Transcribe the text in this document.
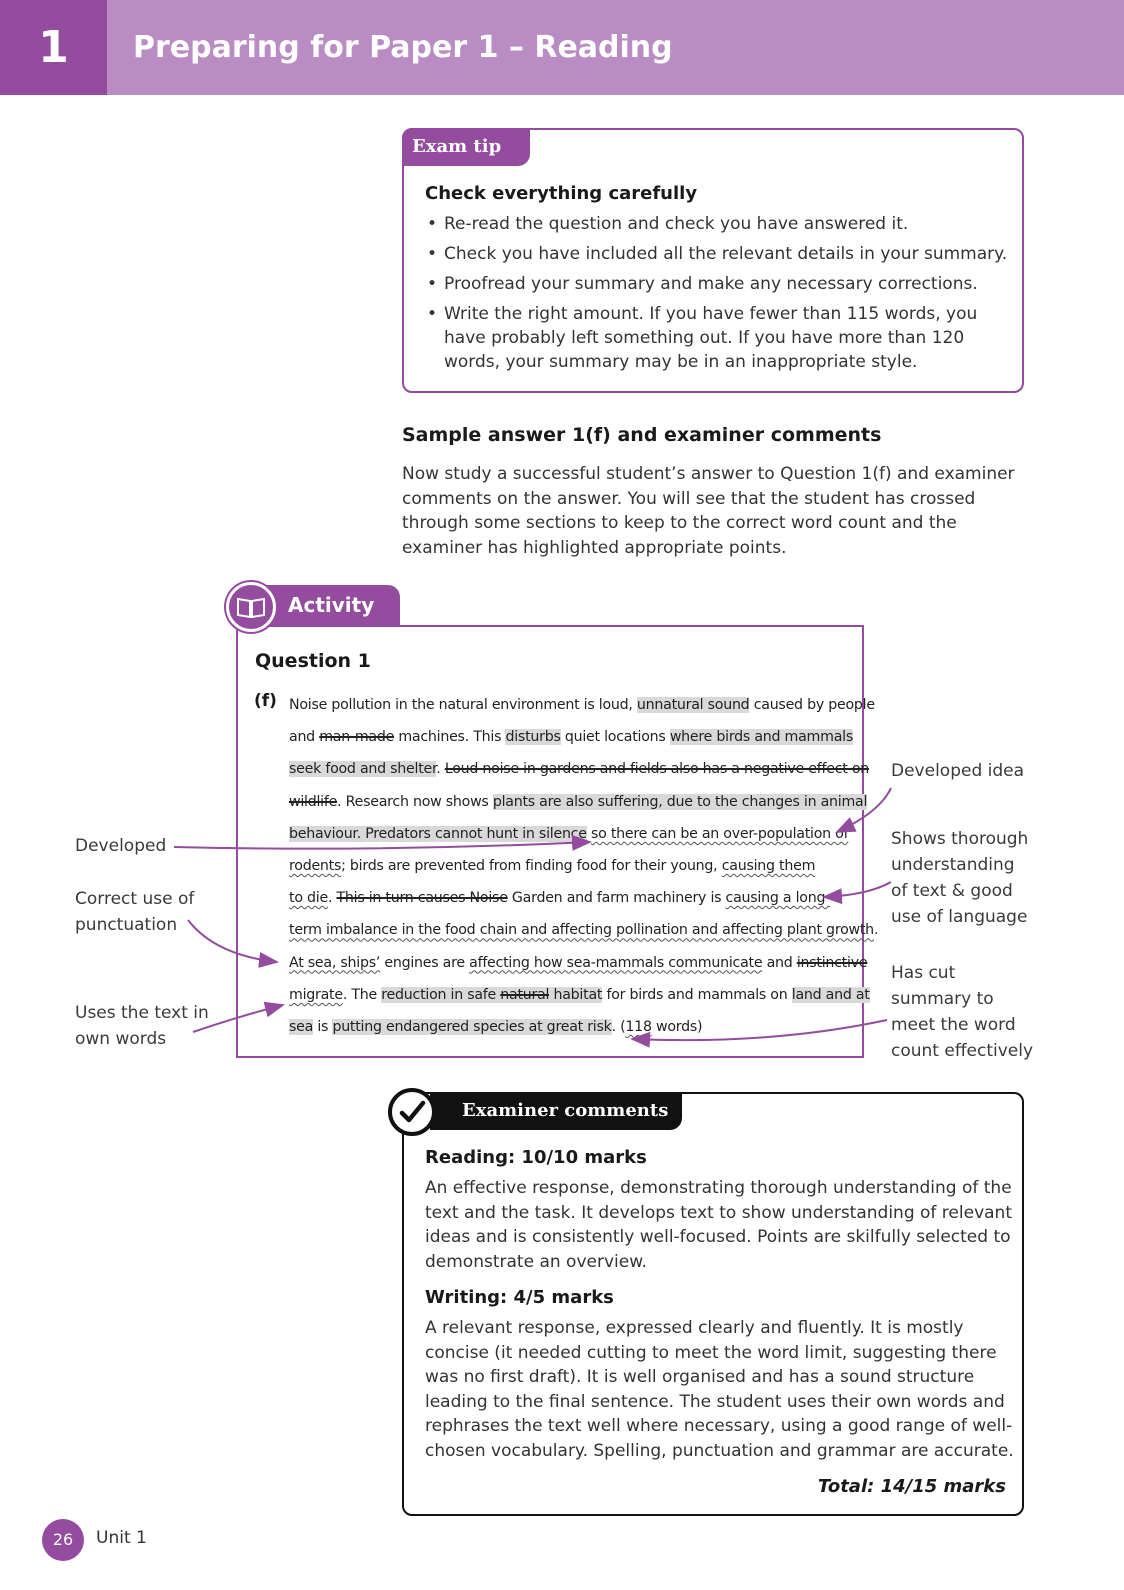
1	Preparing for Paper 1 – Reading
Exam tip
Check everything carefully
• Re-read the question and check you have answered it.
• Check you have included all the relevant details in your summary.
• Proofread your summary and make any necessary corrections.
• Write the right amount. If you have fewer than 115 words, you have probably left something out. If you have more than 120 words, your summary may be in an inappropriate style.
Sample answer 1(f) and examiner comments
Now study a successful student’s answer to Question 1(f) and examiner comments on the answer. You will see that the student has crossed through some sections to keep to the correct word count and the examiner has highlighted appropriate points.
Activity
Question 1
(f) Noise pollution in the natural environment is loud, unnatural sound caused by people
and man-made machines. This disturbs quiet locations where birds and mammals
seek food and shelter. Loud noise in gardens and fields also has a negative effect on
wildlife. Research now shows plants are also suffering, due to the changes in animal
behaviour. Predators cannot hunt in silence so there can be an over-population of
rodents; birds are prevented from finding food for their young, causing them
to die. This in turn causes Noise Garden and farm machinery is causing a long-
term imbalance in the food chain and affecting pollination and affecting plant growth.
At sea, ships’ engines are affecting how sea-mammals communicate and instinctive
migrate. The reduction in safe natural habitat for birds and mammals on land and at
sea is putting endangered species at great risk. (118 words)
Developed
Correct use of punctuation
Uses the text in own words
Developed idea
Shows thorough understanding of text & good use of language
Has cut summary to meet the word count effectively
Examiner comments
Reading: 10/10 marks
An effective response, demonstrating thorough understanding of the text and the task. It develops text to show understanding of relevant ideas and is consistently well-focused. Points are skilfully selected to demonstrate an overview.
Writing: 4/5 marks
A relevant response, expressed clearly and fluently. It is mostly concise (it needed cutting to meet the word limit, suggesting there was no first draft). It is well organised and has a sound structure leading to the final sentence. The student uses their own words and rephrases the text well where necessary, using a good range of well-chosen vocabulary. Spelling, punctuation and grammar are accurate.
Total: 14/15 marks
26	Unit 1
